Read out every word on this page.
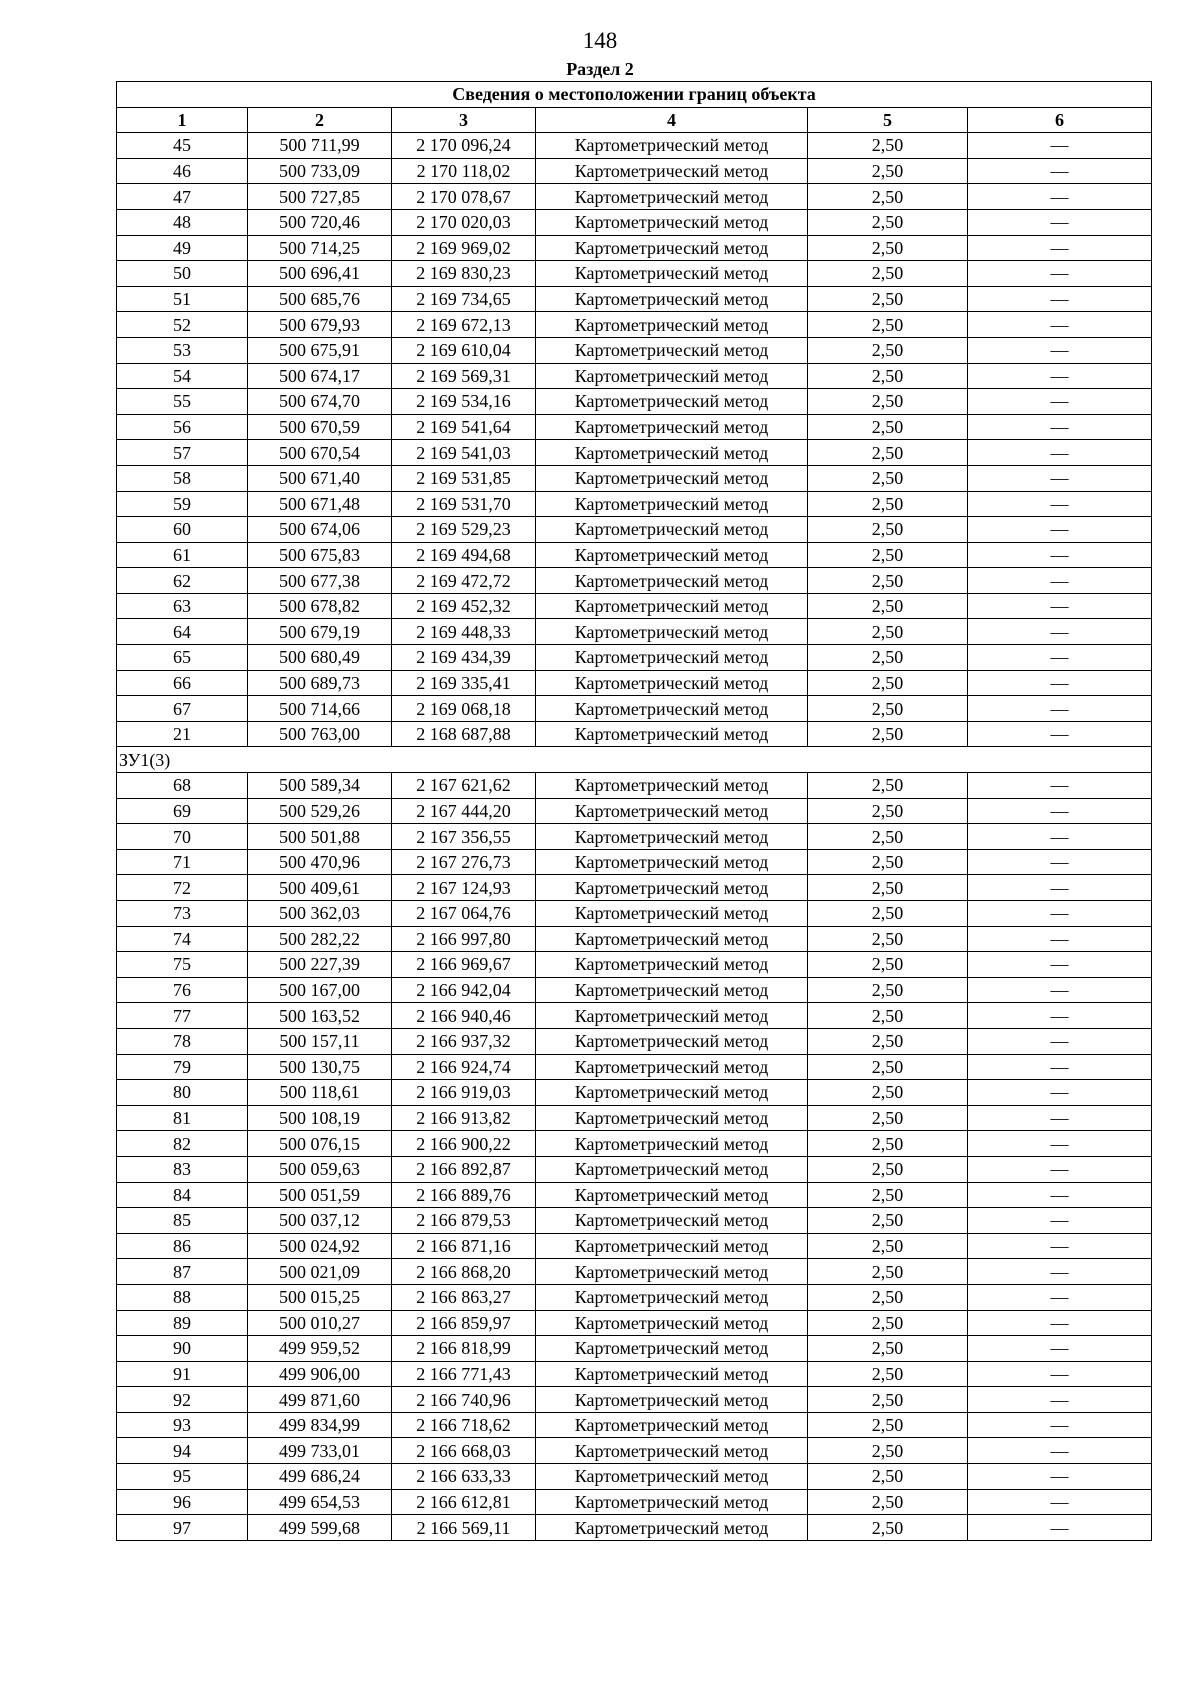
148
Раздел 2
Сведения о местоположении границ объекта					
1	2	3	4	5	6
45	500 711,99	2 170 096,24	Картометрический метод	2,50	—
46	500 733,09	2 170 118,02	Картометрический метод	2,50	—
47	500 727,85	2 170 078,67	Картометрический метод	2,50	—
48	500 720,46	2 170 020,03	Картометрический метод	2,50	—
49	500 714,25	2 169 969,02	Картометрический метод	2,50	—
50	500 696,41	2 169 830,23	Картометрический метод	2,50	—
51	500 685,76	2 169 734,65	Картометрический метод	2,50	—
52	500 679,93	2 169 672,13	Картометрический метод	2,50	—
53	500 675,91	2 169 610,04	Картометрический метод	2,50	—
54	500 674,17	2 169 569,31	Картометрический метод	2,50	—
55	500 674,70	2 169 534,16	Картометрический метод	2,50	—
56	500 670,59	2 169 541,64	Картометрический метод	2,50	—
57	500 670,54	2 169 541,03	Картометрический метод	2,50	—
58	500 671,40	2 169 531,85	Картометрический метод	2,50	—
59	500 671,48	2 169 531,70	Картометрический метод	2,50	—
60	500 674,06	2 169 529,23	Картометрический метод	2,50	—
61	500 675,83	2 169 494,68	Картометрический метод	2,50	—
62	500 677,38	2 169 472,72	Картометрический метод	2,50	—
63	500 678,82	2 169 452,32	Картометрический метод	2,50	—
64	500 679,19	2 169 448,33	Картометрический метод	2,50	—
65	500 680,49	2 169 434,39	Картометрический метод	2,50	—
66	500 689,73	2 169 335,41	Картометрический метод	2,50	—
67	500 714,66	2 169 068,18	Картометрический метод	2,50	—
21	500 763,00	2 168 687,88	Картометрический метод	2,50	—
ЗУ1(3)					
68	500 589,34	2 167 621,62	Картометрический метод	2,50	—
69	500 529,26	2 167 444,20	Картометрический метод	2,50	—
70	500 501,88	2 167 356,55	Картометрический метод	2,50	—
71	500 470,96	2 167 276,73	Картометрический метод	2,50	—
72	500 409,61	2 167 124,93	Картометрический метод	2,50	—
73	500 362,03	2 167 064,76	Картометрический метод	2,50	—
74	500 282,22	2 166 997,80	Картометрический метод	2,50	—
75	500 227,39	2 166 969,67	Картометрический метод	2,50	—
76	500 167,00	2 166 942,04	Картометрический метод	2,50	—
77	500 163,52	2 166 940,46	Картометрический метод	2,50	—
78	500 157,11	2 166 937,32	Картометрический метод	2,50	—
79	500 130,75	2 166 924,74	Картометрический метод	2,50	—
80	500 118,61	2 166 919,03	Картометрический метод	2,50	—
81	500 108,19	2 166 913,82	Картометрический метод	2,50	—
82	500 076,15	2 166 900,22	Картометрический метод	2,50	—
83	500 059,63	2 166 892,87	Картометрический метод	2,50	—
84	500 051,59	2 166 889,76	Картометрический метод	2,50	—
85	500 037,12	2 166 879,53	Картометрический метод	2,50	—
86	500 024,92	2 166 871,16	Картометрический метод	2,50	—
87	500 021,09	2 166 868,20	Картометрический метод	2,50	—
88	500 015,25	2 166 863,27	Картометрический метод	2,50	—
89	500 010,27	2 166 859,97	Картометрический метод	2,50	—
90	499 959,52	2 166 818,99	Картометрический метод	2,50	—
91	499 906,00	2 166 771,43	Картометрический метод	2,50	—
92	499 871,60	2 166 740,96	Картометрический метод	2,50	—
93	499 834,99	2 166 718,62	Картометрический метод	2,50	—
94	499 733,01	2 166 668,03	Картометрический метод	2,50	—
95	499 686,24	2 166 633,33	Картометрический метод	2,50	—
96	499 654,53	2 166 612,81	Картометрический метод	2,50	—
97	499 599,68	2 166 569,11	Картометрический метод	2,50	—
